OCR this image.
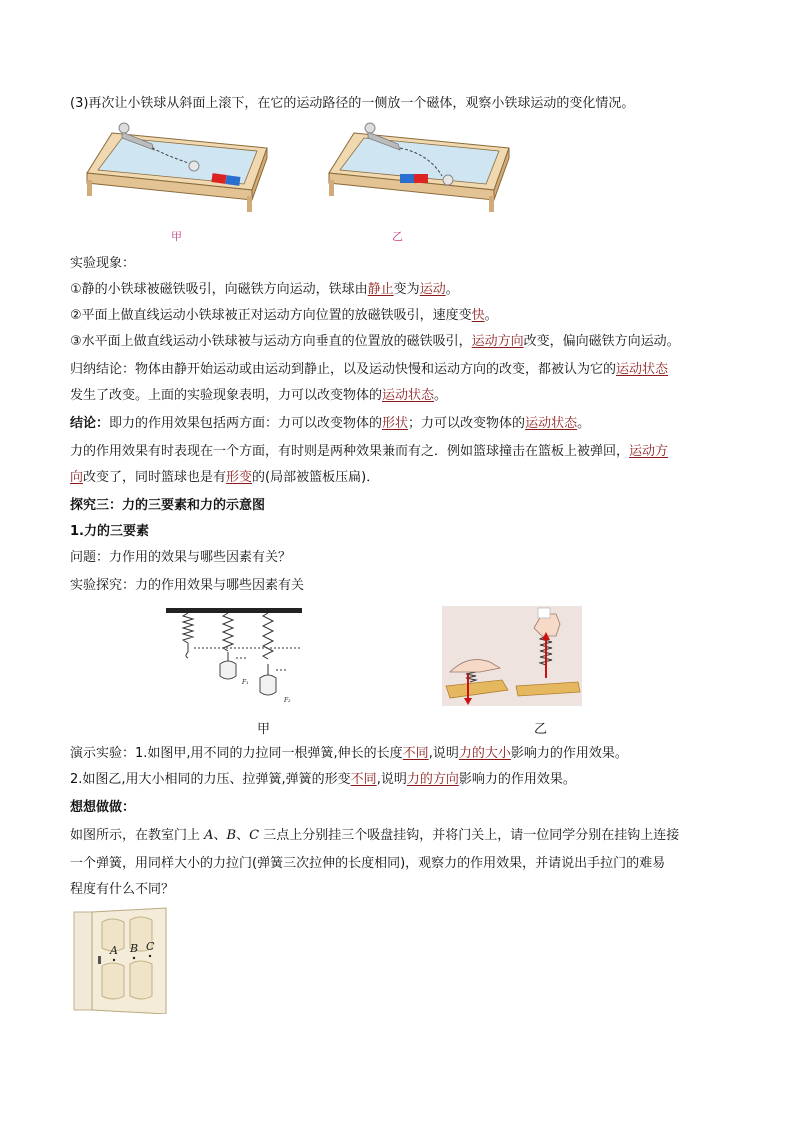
(3)再次让小铁球从斜面上滚下，在它的运动路径的一侧放一个磁体，观察小铁球运动的变化情况。
甲	乙
实验现象：
①静的小铁球被磁铁吸引，向磁铁方向运动，铁球由静止变为运动。
②平面上做直线运动小铁球被正对运动方向位置的放磁铁吸引，速度变快。
③水平面上做直线运动小铁球被与运动方向垂直的位置放的磁铁吸引，运动方向改变，偏向磁铁方向运动。
归纳结论：物体由静开始运动或由运动到静止，以及运动快慢和运动方向的改变，都被认为它的运动状态
发生了改变。上面的实验现象表明，力可以改变物体的运动状态。
结论：即力的作用效果包括两方面：力可以改变物体的形状；力可以改变物体的运动状态。
力的作用效果有时表现在一个方面，有时则是两种效果兼而有之．例如篮球撞击在篮板上被弹回，运动方
向改变了，同时篮球也是有形变的(局部被篮板压扁)．
探究三：力的三要素和力的示意图
1.力的三要素
问题：力作用的效果与哪些因素有关？
实验探究：力的作用效果与哪些因素有关
F₁
F₂
甲	乙
演示实验：1.如图甲,用不同的力拉同一根弹簧,伸长的长度不同,说明力的大小影响力的作用效果。
2.如图乙,用大小相同的力压、拉弹簧,弹簧的形变不同,说明力的方向影响力的作用效果。
想想做做：
如图所示，在教室门上 A、B、C 三点上分别挂三个吸盘挂钩，并将门关上，请一位同学分别在挂钩上连接
一个弹簧，用同样大小的力拉门(弹簧三次拉伸的长度相同)，观察力的作用效果，并请说出手拉门的难易
程度有什么不同？
A B C
